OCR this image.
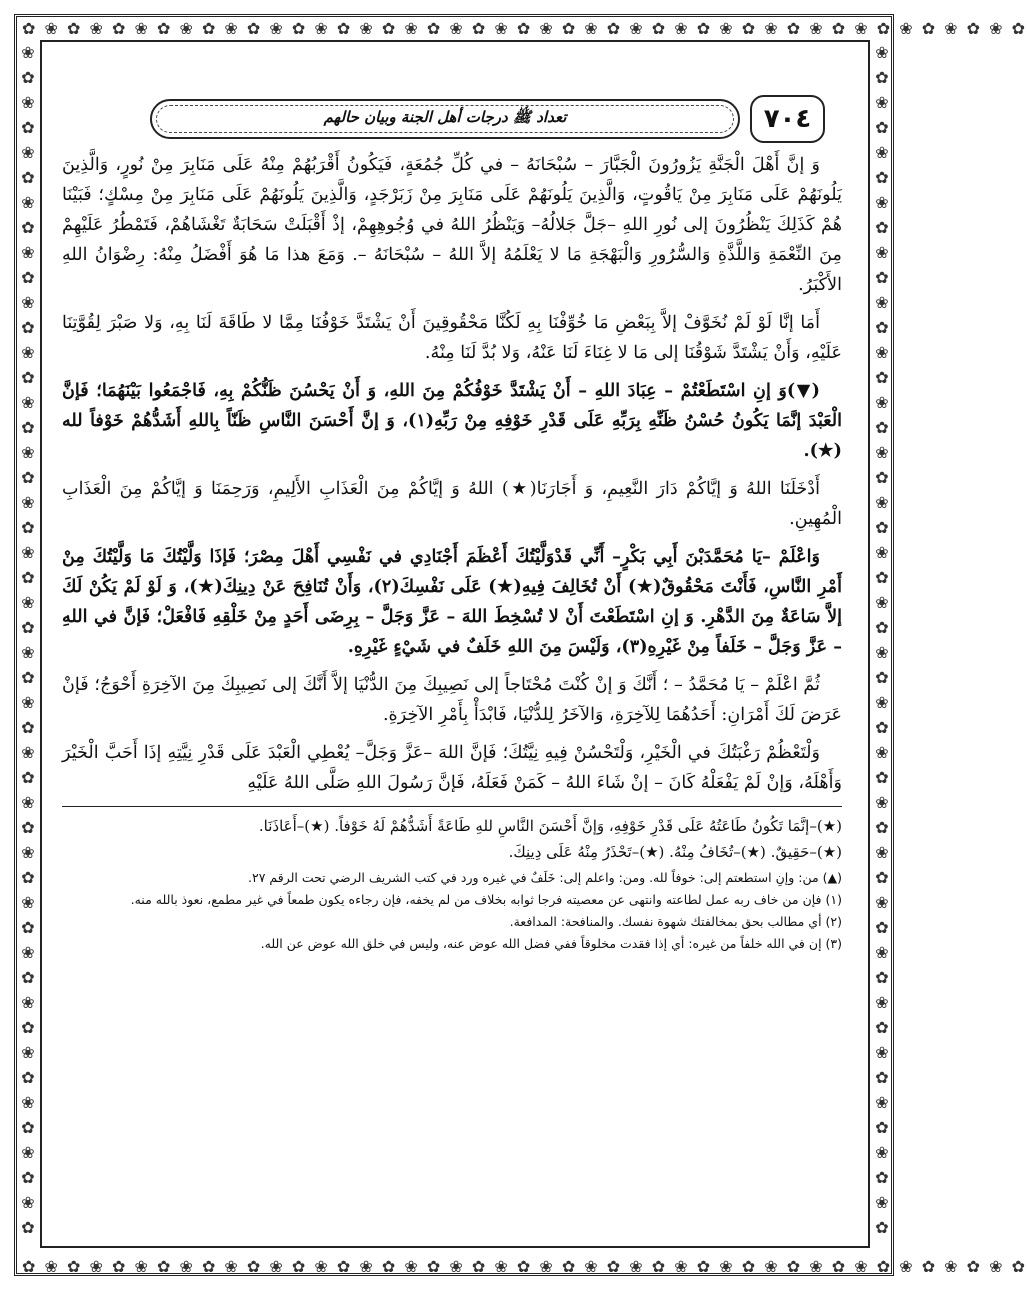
✿ ❀ ✿ ❀ ✿ ❀ ✿ ❀ ✿ ❀ ✿ ❀ ✿ ❀ ✿ ❀ ✿ ❀ ✿ ❀ ✿ ❀ ✿ ❀ ✿ ❀ ✿ ❀ ✿ ❀ ✿ ❀ ✿ ❀ ✿ ❀ ✿ ❀ ✿ ❀ ✿ ❀ ✿ ❀ ✿
✿ ❀ ✿ ❀ ✿ ❀ ✿ ❀ ✿ ❀ ✿ ❀ ✿ ❀ ✿ ❀ ✿ ❀ ✿ ❀ ✿ ❀ ✿ ❀ ✿ ❀ ✿ ❀ ✿ ❀ ✿ ❀ ✿ ❀ ✿ ❀ ✿ ❀ ✿ ❀ ✿ ❀ ✿ ❀ ✿
❀ ✿ ❀ ✿ ❀ ✿ ❀ ✿ ❀ ✿ ❀ ✿ ❀ ✿ ❀ ✿ ❀ ✿ ❀ ✿ ❀ ✿ ❀ ✿ ❀ ✿ ❀ ✿ ❀ ✿ ❀ ✿ ❀ ✿ ❀ ✿ ❀ ✿ ❀ ✿ ❀ ✿ ❀ ✿ ❀ ✿ ❀ ✿
❀ ✿ ❀ ✿ ❀ ✿ ❀ ✿ ❀ ✿ ❀ ✿ ❀ ✿ ❀ ✿ ❀ ✿ ❀ ✿ ❀ ✿ ❀ ✿ ❀ ✿ ❀ ✿ ❀ ✿ ❀ ✿ ❀ ✿ ❀ ✿ ❀ ✿ ❀ ✿ ❀ ✿ ❀ ✿ ❀ ✿ ❀ ✿
تعداد ﷺ درجات أهل الجنة وبيان حالهم	٧٠٤

وَ إنَّ أَهْلَ الْجَنَّةِ يَزُورُونَ الْجَبَّارَ – سُبْحَانَهُ – في كُلِّ جُمُعَةٍ، فَيَكُونُ أَقْرَبُهُمْ مِنْهُ عَلَى مَنَابِرَ مِنْ نُورٍ، وَالَّذِينَ يَلُونَهُمْ عَلَى مَنَابِرَ مِنْ يَاقُوتٍ، وَالَّذِينَ يَلُونَهُمْ عَلَى مَنَابِرَ مِنْ زَبَرْجَدٍ، وَالَّذِينَ يَلُونَهُمْ عَلَى مَنَابِرَ مِنْ مِسْكٍ؛ فَبَيْنَا هُمْ كَذَلِكَ يَنْظُرُونَ إلى نُورِ اللهِ –جَلَّ جَلالُهُ– وَيَنْظُرُ اللهُ في وُجُوهِهِمْ، إذْ أَقْبَلَتْ سَحَابَةٌ تَغْشَاهُمْ، فَتَمْطُرُ عَلَيْهِمْ مِنَ النِّعْمَةِ وَاللَّذَّةِ وَالسُّرُورِ وَالْبَهْجَةِ مَا لا يَعْلَمُهُ إلاَّ اللهُ – سُبْحَانَهُ –. وَمَعَ هذا مَا هُوَ أَفْضَلُ مِنْهُ: رِضْوَانُ اللهِ الأَكْبَرُ.

أَمَا إنَّا لَوْ لَمْ نُخَوَّفْ إلاَّ بِبَعْضِ مَا خُوِّفْنَا بِهِ لَكُنَّا مَحْقُوقِينَ أَنْ يَشْتَدَّ خَوْفُنَا مِمَّا لا طَاقَةَ لَنَا بِهِ، وَلا صَبْرَ لِقُوَّتِنَا عَلَيْهِ، وَأَنْ يَشْتَدَّ شَوْقُنَا إلى مَا لا غِنَاءَ لَنَا عَنْهُ، وَلا بُدَّ لَنَا مِنْهُ.

(▼)وَ إنِ اسْتَطَعْتُمْ – عِبَادَ اللهِ – أَنْ يَشْتَدَّ خَوْفُكُمْ مِنَ اللهِ، وَ أَنْ يَحْسُنَ ظَنُّكُمْ بِهِ، فَاجْمَعُوا بَيْنَهُمَا؛ فَإنَّ الْعَبْدَ إنَّمَا يَكُونُ حُسْنُ ظَنِّهِ بِرَبِّهِ عَلَى قَدْرِ خَوْفِهِ مِنْ رَبِّهِ(١)، وَ إنَّ أَحْسَنَ النَّاسِ ظَنّاً بِاللهِ أَشَدُّهُمْ خَوْفاً لله (★).

أَدْخَلَنَا اللهُ وَ إيَّاكُمْ دَارَ النَّعِيمِ، وَ أَجَارَنَا(★) اللهُ وَ إيَّاكُمْ مِنَ الْعَذَابِ الأَلِيمِ، وَرَحِمَنَا وَ إيَّاكُمْ مِنَ الْعَذَابِ الْمُهِينِ.

وَاعْلَمْ –يَا مُحَمَّدَبْنَ أَبِي بَكْرٍ– أَنِّي قَدْوَلَّيْتُكَ أَعْظَمَ أَجْنَادِي في نَفْسِي أَهْلَ مِصْرَ؛ فَإذَا وَلَّيْتُكَ مَا وَلَّيْتُكَ مِنْ أَمْرِ النَّاسِ، فَأَنْتَ مَحْقُوقٌ(★) أَنْ تُخَالِفَ فِيهِ(★) عَلَى نَفْسِكَ(٢)، وَأَنْ تُنَافِحَ عَنْ دِينِكَ(★)، وَ لَوْ لَمْ يَكُنْ لَكَ إلاَّ سَاعَةٌ مِنَ الدَّهْرِ. وَ إنِ اسْتَطَعْتَ أَنْ لا تُسْخِطَ اللهَ – عَزَّ وَجَلَّ – بِرِضَى أَحَدٍ مِنْ خَلْقِهِ فَافْعَلْ؛ فَإنَّ في اللهِ – عَزَّ وَجَلَّ – خَلَفاً مِنْ غَيْرِهِ(٣)، وَلَيْسَ مِنَ اللهِ خَلَفٌ في شَيْءٍ غَيْرِهِ.

ثُمَّ اعْلَمْ – يَا مُحَمَّدُ – ؛ أَنَّكَ وَ إنْ كُنْتَ مُحْتَاجاً إلى نَصِيبِكَ مِنَ الدُّنْيَا إلاَّ أَنَّكَ إلى نَصِيبِكَ مِنَ الآخِرَةِ أَحْوَجُ؛ فَإنْ عَرَضَ لَكَ أَمْرَانِ: أَحَدُهُمَا لِلآخِرَةِ، وَالآخَرُ لِلدُّنْيَا، فَابْدَأْ بِأَمْرِ الآخِرَةِ.

وَلْتَعْظُمْ رَغْبَتُكَ في الْخَيْرِ، وَلْتَحْسُنْ فِيهِ نِيَّتُكَ؛ فَإنَّ اللهَ –عَزَّ وَجَلَّ– يُعْطِي الْعَبْدَ عَلَى قَدْرِ نِيَّتِهِ إذَا أَحَبَّ الْخَيْرَ وَأَهْلَهُ، وَإنْ لَمْ يَفْعَلْهُ كَانَ – إنْ شَاءَ اللهُ – كَمَنْ فَعَلَهُ، فَإنَّ رَسُولَ اللهِ صَلَّى اللهُ عَلَيْهِ

(★)–إنَّمَا تَكُونُ طَاعَتُهُ عَلَى قَدْرِ خَوْفِهِ، وَإنَّ أَحْسَنَ النَّاسِ للهِ طَاعَةً أَشَدُّهُمْ لَهُ خَوْفاً. (★)–أَعَاذَنَا.

(★)–حَقِيقٌ. (★)–تُخَافُ مِنْهُ. (★)–تَحْذَرُ مِنْهُ عَلَى دِينِكَ.

(▲) من: وإنِ استطعتم إلى: خوفاً لله. ومن: واعلم إلى: خَلَفٌ في غيره ورد في كتب الشريف الرضي تحت الرقم ٢٧.

(١) فإن من خاف ربه عمل لطاعته وانتهى عن معصيته فرجا ثوابه بخلاف من لم يخفه، فإن رجاءه يكون طمعاً في غير مطمع، نعوذ بالله منه.

(٢) أي مطالب بحق بمخالفتك شهوة نفسك. والمنافحة: المدافعة.

(٣) إن في الله خلفاً من غيره: أي إذا فقدت مخلوقاً ففي فضل الله عوض عنه، وليس في خلق الله عوض عن الله.
